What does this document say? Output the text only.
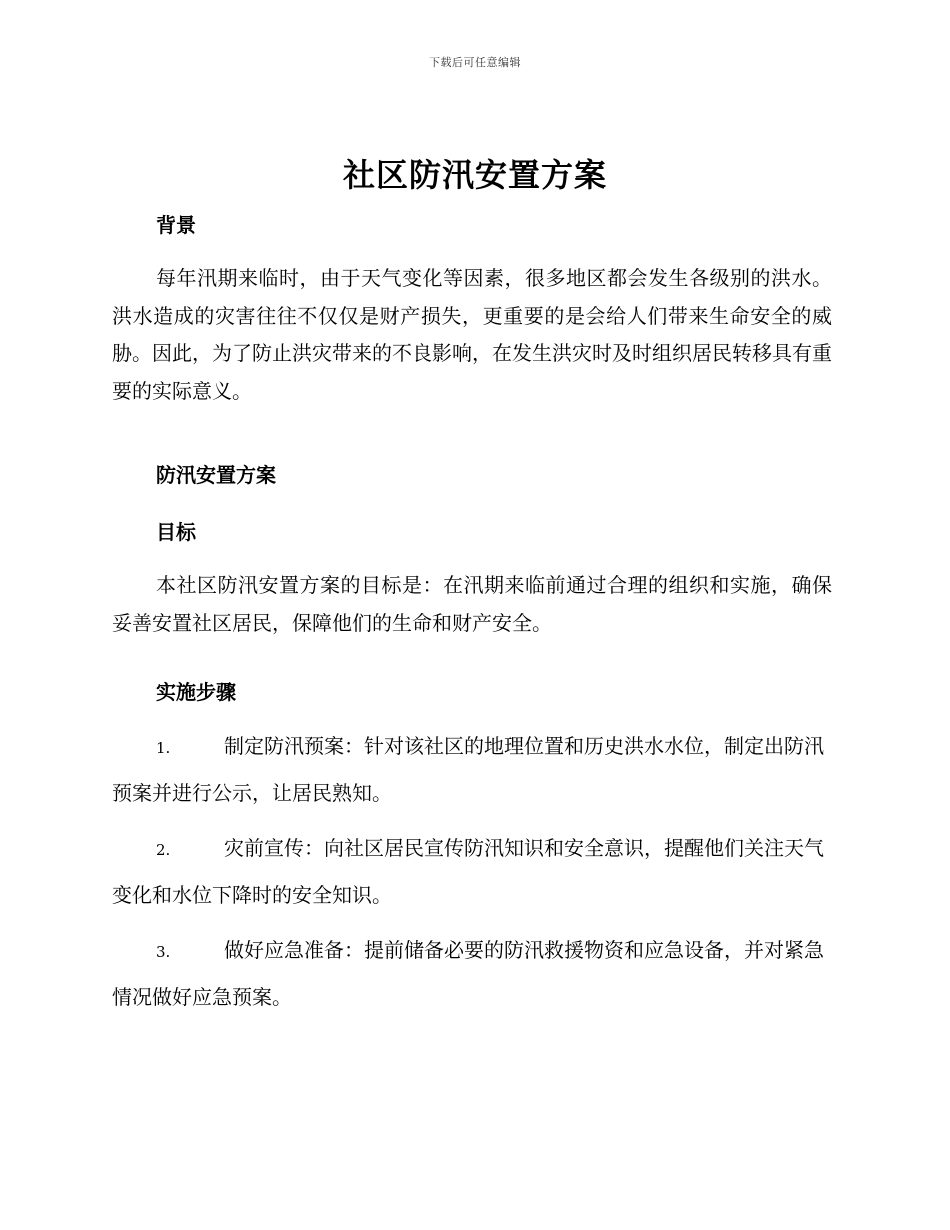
下载后可任意编辑
社区防汛安置方案
背景

每年汛期来临时，由于天气变化等因素，很多地区都会发生各级别的洪水。洪水造成的灾害往往不仅仅是财产损失，更重要的是会给人们带来生命安全的威胁。因此，为了防止洪灾带来的不良影响，在发生洪灾时及时组织居民转移具有重要的实际意义。

防汛安置方案
目标

本社区防汛安置方案的目标是：在汛期来临前通过合理的组织和实施，确保妥善安置社区居民，保障他们的生命和财产安全。

实施步骤

1.	制定防汛预案：针对该社区的地理位置和历史洪水水位，制定出防汛预案并进行公示，让居民熟知。

2.	灾前宣传：向社区居民宣传防汛知识和安全意识，提醒他们关注天气变化和水位下降时的安全知识。

3.	做好应急准备：提前储备必要的防汛救援物资和应急设备，并对紧急情况做好应急预案。
